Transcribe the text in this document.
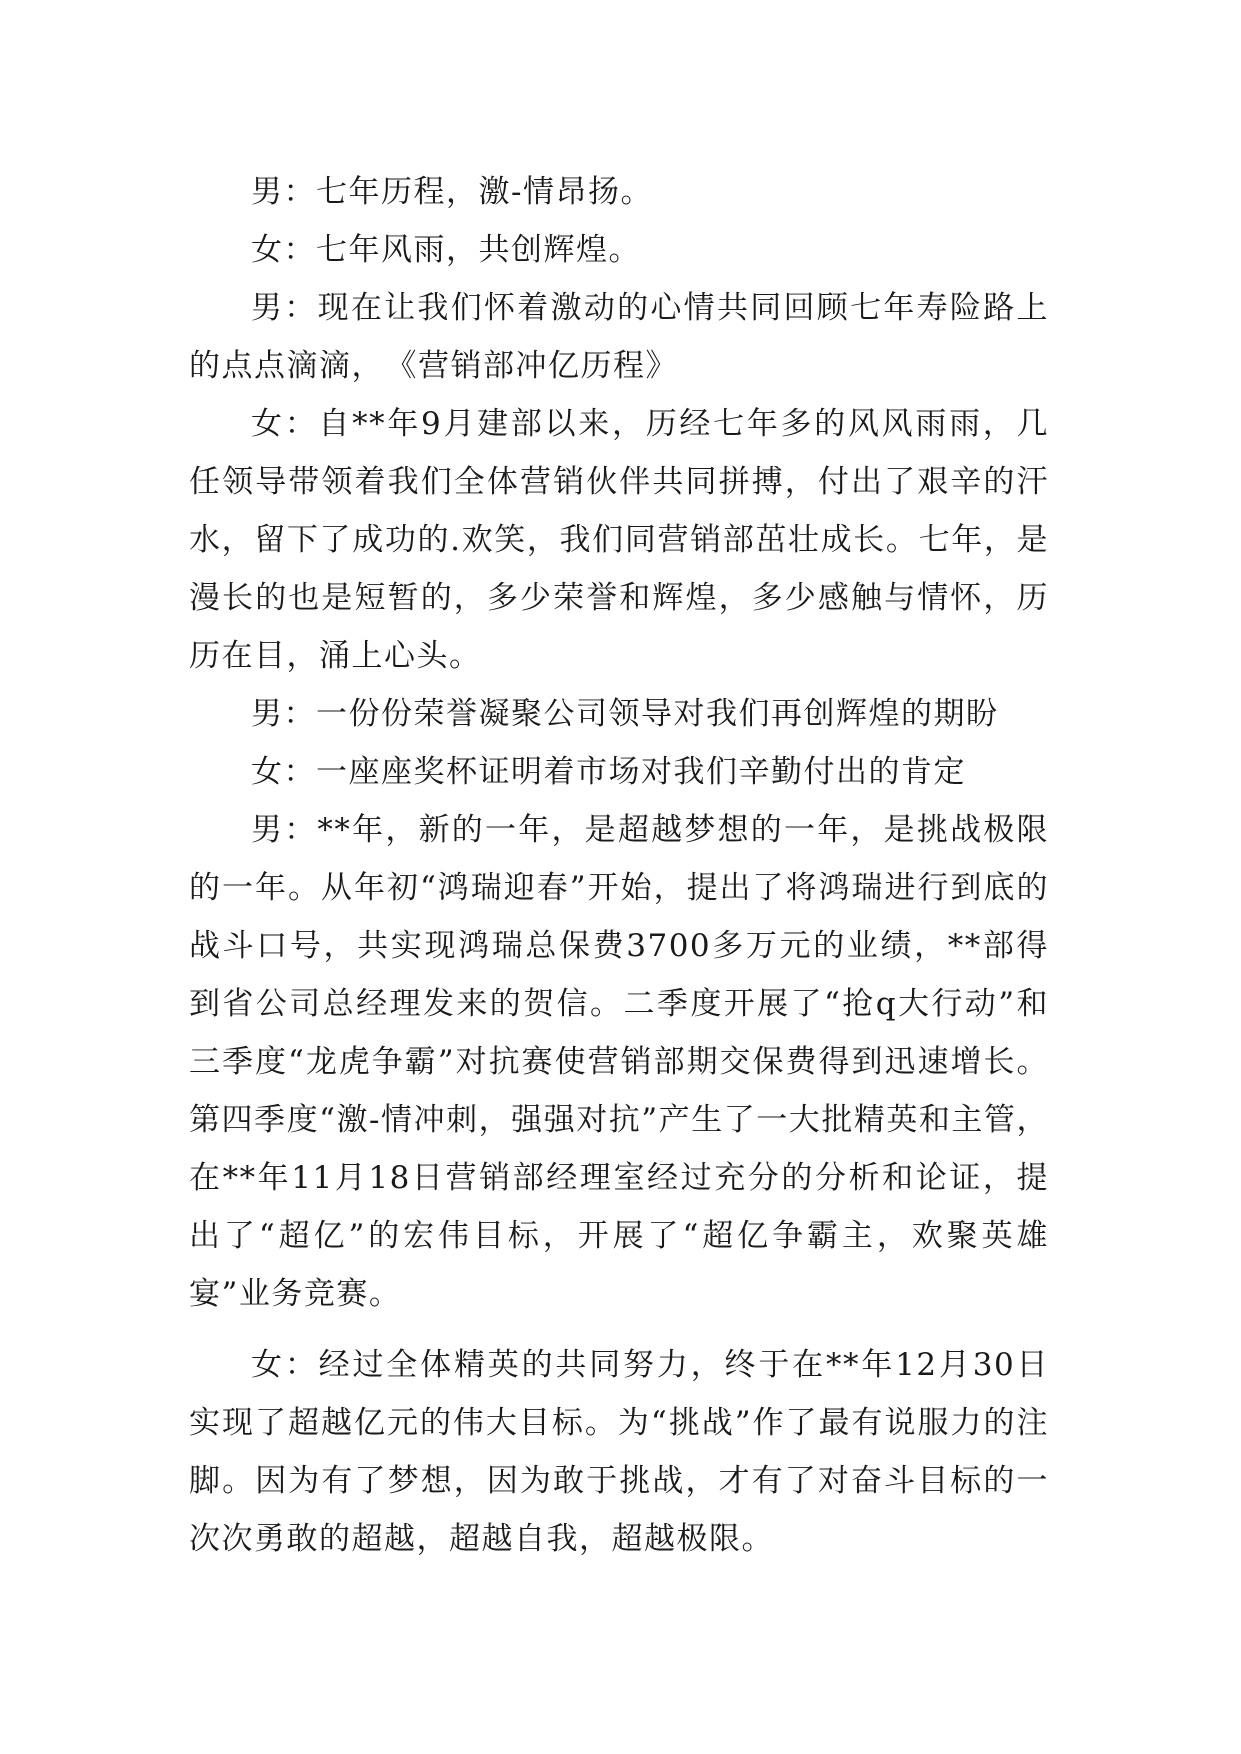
男：七年历程，激-情昂扬。

女：七年风雨，共创辉煌。

男：现在让我们怀着激动的心情共同回顾七年寿险路上的点点滴滴，　《营销部冲亿历程》

女：自**年9月建部以来，历经七年多的风风雨雨，几任领导带领着我们全体营销伙伴共同拼搏，付出了艰辛的汗水，留下了成功的.欢笑，我们同营销部茁壮成长。七年，是漫长的也是短暂的，多少荣誉和辉煌，多少感触与情怀，历历在目，涌上心头。

男：一份份荣誉凝聚公司领导对我们再创辉煌的期盼

女：一座座奖杯证明着市场对我们辛勤付出的肯定

男：**年，新的一年，是超越梦想的一年，是挑战极限的一年。从年初“鸿瑞迎春”开始，提出了将鸿瑞进行到底的战斗口号，共实现鸿瑞总保费3700多万元的业绩，**部得到省公司总经理发来的贺信。二季度开展了“抢q大行动”和三季度“龙虎争霸”对抗赛使营销部期交保费得到迅速增长。第四季度“激-情冲刺，强强对抗”产生了一大批精英和主管，在**年11月18日营销部经理室经过充分的分析和论证，提出了“超亿”的宏伟目标，开展了“超亿争霸主，欢聚英雄宴”业务竞赛。

女：经过全体精英的共同努力，终于在**年12月30日实现了超越亿元的伟大目标。为“挑战”作了最有说服力的注脚。因为有了梦想，因为敢于挑战，才有了对奋斗目标的一次次勇敢的超越，超越自我，超越极限。
